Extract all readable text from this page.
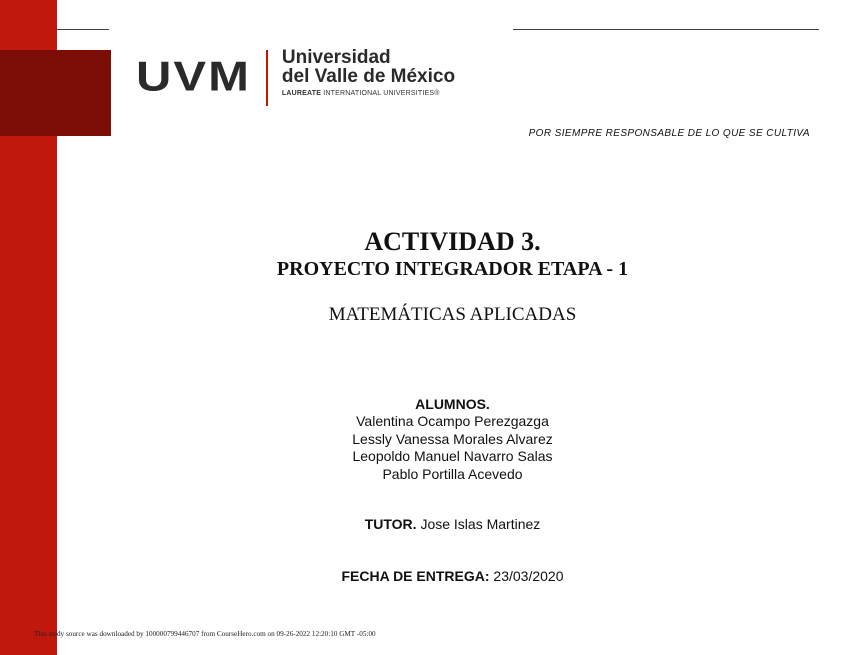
UVM Universidad
del Valle de México
LAUREATE INTERNATIONAL UNIVERSITIES®
POR SIEMPRE RESPONSABLE DE LO QUE SE CULTIVA
ACTIVIDAD 3.
PROYECTO INTEGRADOR ETAPA - 1
MATEMÁTICAS APLICADAS
ALUMNOS.
Valentina Ocampo Perezgazga
Lessly Vanessa Morales Alvarez
Leopoldo Manuel Navarro Salas
Pablo Portilla Acevedo
TUTOR. Jose Islas Martinez
FECHA DE ENTREGA: 23/03/2020
This study source was downloaded by 100000799446707 from CourseHero.com on 09-26-2022 12:20:10 GMT -05:00
